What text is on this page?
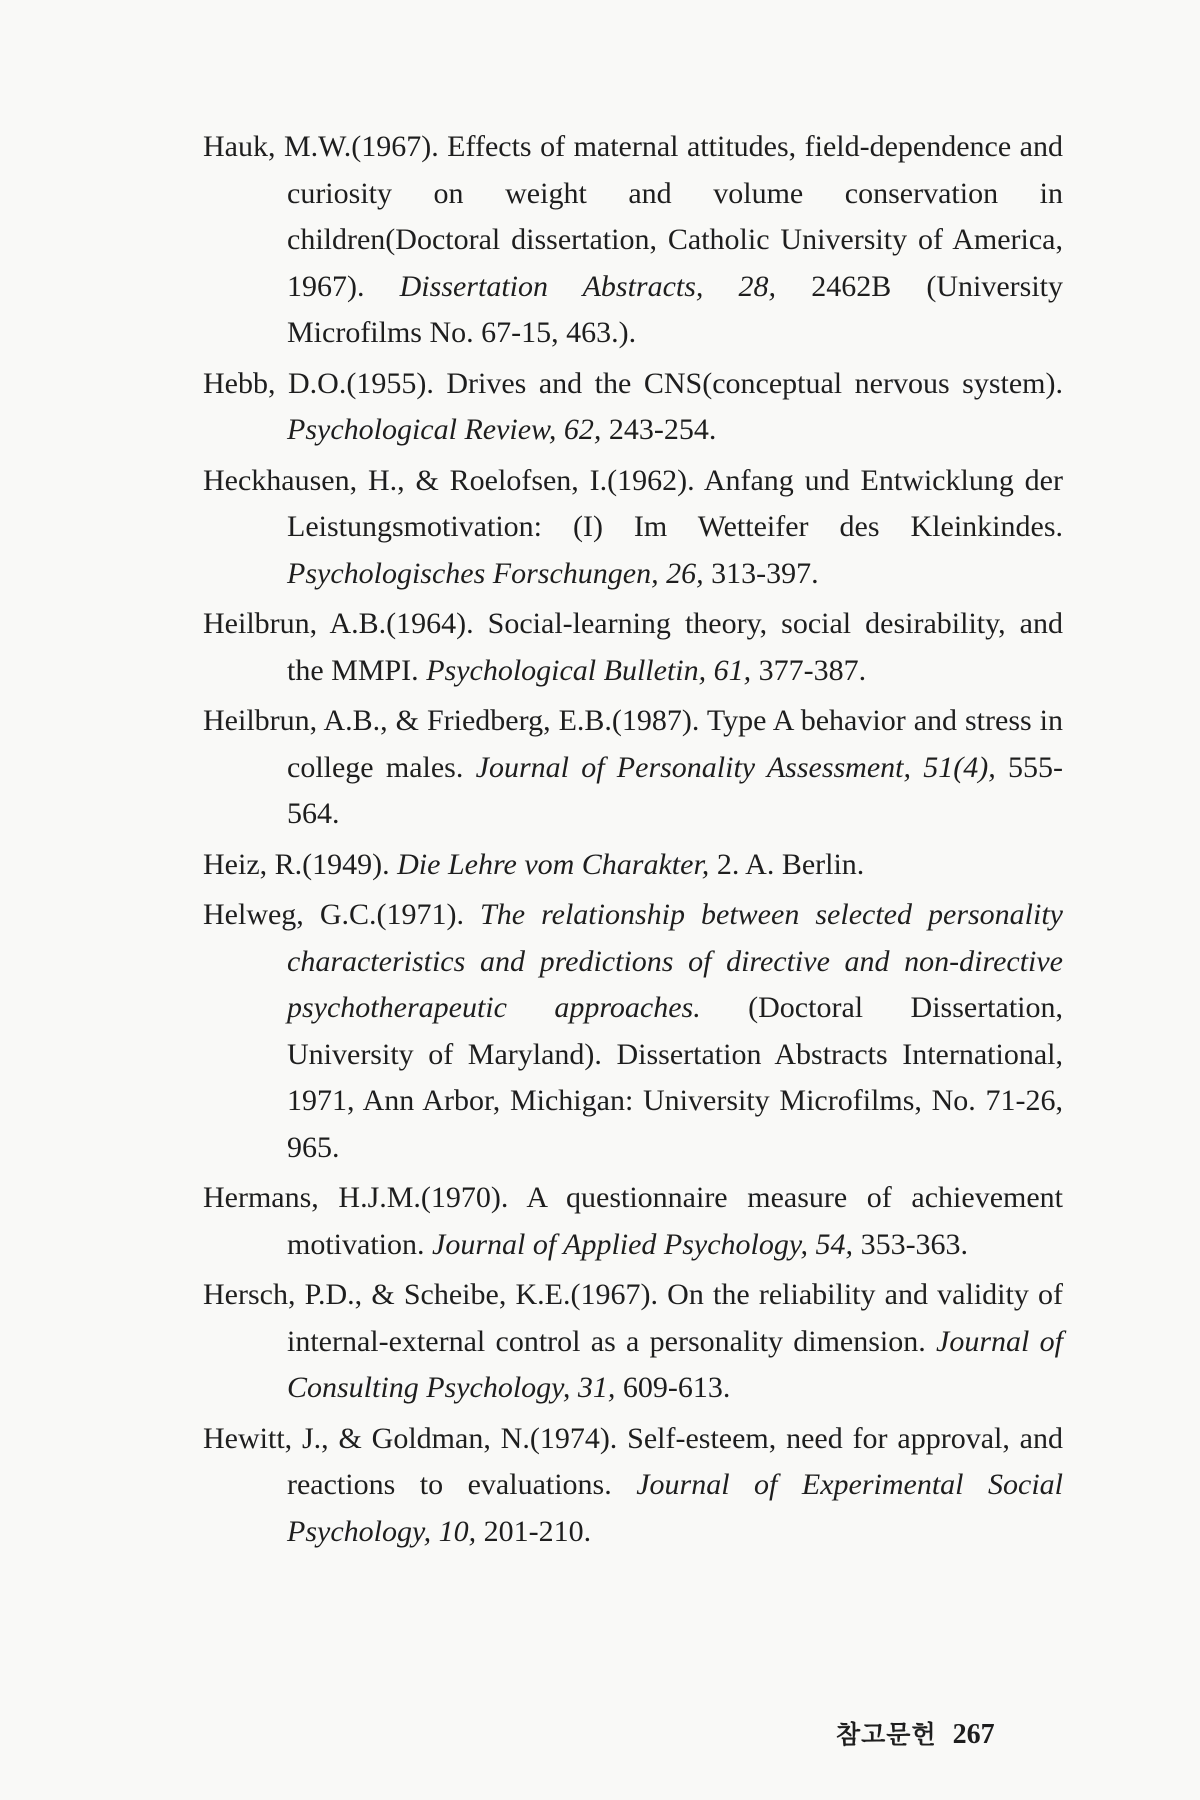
Hauk, M.W.(1967). Effects of maternal attitudes, field-dependence and curiosity on weight and volume conservation in children(Doctoral dissertation, Catholic University of America, 1967). Dissertation Abstracts, 28, 2462B (University Microfilms No. 67-15, 463.).

Hebb, D.O.(1955). Drives and the CNS(conceptual nervous system). Psychological Review, 62, 243-254.

Heckhausen, H., & Roelofsen, I.(1962). Anfang und Entwicklung der Leistungsmotivation: (I) Im Wetteifer des Kleinkindes. Psychologisches Forschungen, 26, 313-397.

Heilbrun, A.B.(1964). Social-learning theory, social desirability, and the MMPI. Psychological Bulletin, 61, 377-387.

Heilbrun, A.B., & Friedberg, E.B.(1987). Type A behavior and stress in college males. Journal of Personality Assessment, 51(4), 555-564.

Heiz, R.(1949). Die Lehre vom Charakter, 2. A. Berlin.

Helweg, G.C.(1971). The relationship between selected personality characteristics and predictions of directive and non-directive psychotherapeutic approaches. (Doctoral Dissertation, University of Maryland). Dissertation Abstracts International, 1971, Ann Arbor, Michigan: University Microfilms, No. 71-26, 965.

Hermans, H.J.M.(1970). A questionnaire measure of achievement motivation. Journal of Applied Psychology, 54, 353-363.

Hersch, P.D., & Scheibe, K.E.(1967). On the reliability and validity of internal-external control as a personality dimension. Journal of Consulting Psychology, 31, 609-613.

Hewitt, J., & Goldman, N.(1974). Self-esteem, need for approval, and reactions to evaluations. Journal of Experimental Social Psychology, 10, 201-210.

참고문헌 267
